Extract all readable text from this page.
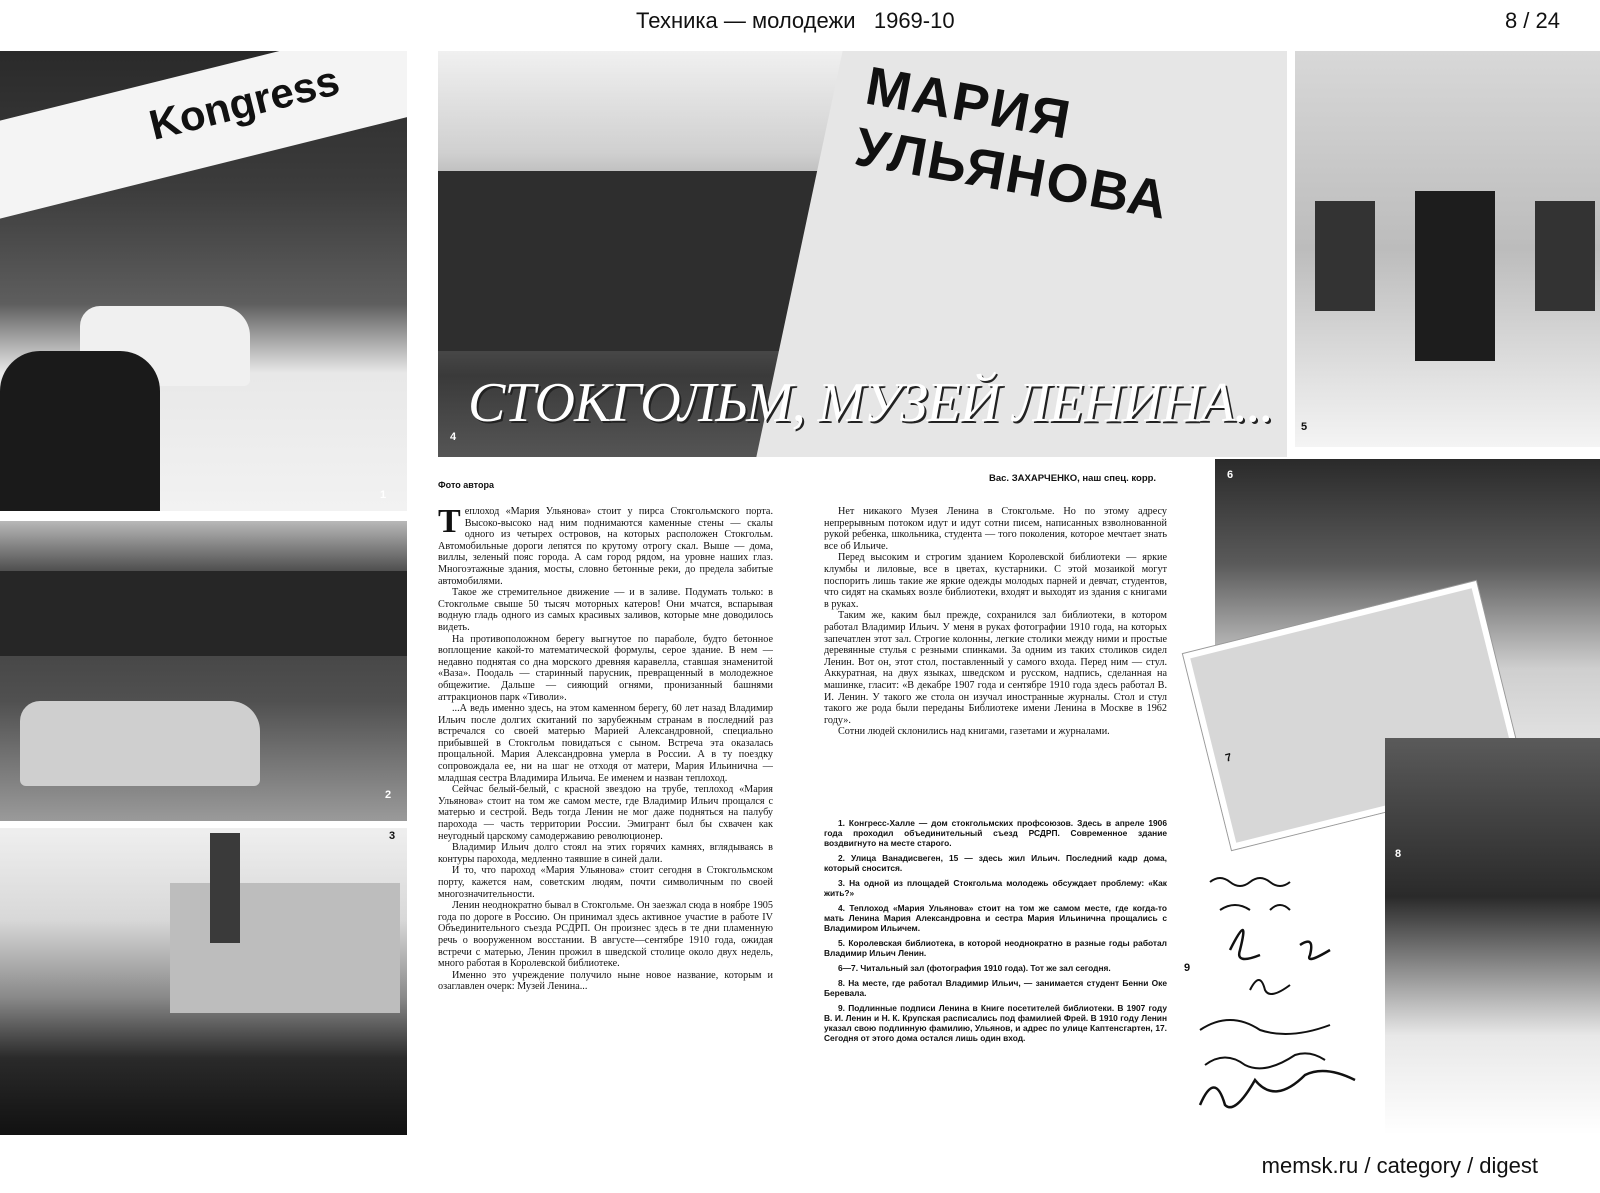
Техника — молодежи   1969-10	8 / 24
Kongress
1
2
3
МАРИЯ УЛЬЯНОВА
СТОКГОЛЬМ, МУЗЕЙ ЛЕНИНА...
4
5
6
7
8
9
Фото автора
Вас. ЗАХАРЧЕНКО, наш спец. корр.

Теплоход «Мария Ульянова» стоит у пирса Стокгольмского порта. Высоко-высоко над ним поднимаются каменные стены — скалы одного из четырех островов, на которых расположен Стокгольм. Автомобильные дороги лепятся по крутому отрогу скал. Выше — дома, виллы, зеленый пояс города. А сам город рядом, на уровне наших глаз. Многоэтажные здания, мосты, словно бетонные реки, до предела забитые автомобилями.

Такое же стремительное движение — и в заливе. Подумать только: в Стокгольме свыше 50 тысяч моторных катеров! Они мчатся, вспарывая водную гладь одного из самых красивых заливов, которые мне доводилось видеть.

На противоположном берегу выгнутое по параболе, будто бетонное воплощение какой-то математической формулы, серое здание. В нем — недавно поднятая со дна морского древняя каравелла, ставшая знаменитой «Ваза». Поодаль — старинный парусник, превращенный в молодежное общежитие. Дальше — сияющий огнями, пронизанный башнями аттракционов парк «Тиволи».

...А ведь именно здесь, на этом каменном берегу, 60 лет назад Владимир Ильич после долгих скитаний по зарубежным странам в последний раз встречался со своей матерью Марией Александровной, специально прибывшей в Стокгольм повидаться с сыном. Встреча эта оказалась прощальной. Мария Александровна умерла в России. А в ту поездку сопровождала ее, ни на шаг не отходя от матери, Мария Ильинична — младшая сестра Владимира Ильича. Ее именем и назван теплоход.

Сейчас белый-белый, с красной звездою на трубе, теплоход «Мария Ульянова» стоит на том же самом месте, где Владимир Ильич прощался с матерью и сестрой. Ведь тогда Ленин не мог даже подняться на палубу парохода — часть территории России. Эмигрант был бы схвачен как неугодный царскому самодержавию революционер.

Владимир Ильич долго стоял на этих горячих камнях, вглядываясь в контуры парохода, медленно таявшие в синей дали.

И то, что пароход «Мария Ульянова» стоит сегодня в Стокгольмском порту, кажется нам, советским людям, почти символичным по своей многозначительности.

Ленин неоднократно бывал в Стокгольме. Он заезжал сюда в ноябре 1905 года по дороге в Россию. Он принимал здесь активное участие в работе IV Объединительного съезда РСДРП. Он произнес здесь в те дни пламенную речь о вооруженном восстании. В августе—сентябре 1910 года, ожидая встречи с матерью, Ленин прожил в шведской столице около двух недель, много работая в Королевской библиотеке.

Именно это учреждение получило ныне новое название, которым и озаглавлен очерк: Музей Ленина...

Нет никакого Музея Ленина в Стокгольме. Но по этому адресу непрерывным потоком идут и идут сотни писем, написанных взволнованной рукой ребенка, школьника, студента — того поколения, которое мечтает знать все об Ильиче.

Перед высоким и строгим зданием Королевской библиотеки — яркие клумбы и лиловые, все в цветах, кустарники. С этой мозаикой могут поспорить лишь такие же яркие одежды молодых парней и девчат, студентов, что сидят на скамьях возле библиотеки, входят и выходят из здания с книгами в руках.

Таким же, каким был прежде, сохранился зал библиотеки, в котором работал Владимир Ильич. У меня в руках фотографии 1910 года, на которых запечатлен этот зал. Строгие колонны, легкие столики между ними и простые деревянные стулья с резными спинками. За одним из таких столиков сидел Ленин. Вот он, этот стол, поставленный у самого входа. Перед ним — стул. Аккуратная, на двух языках, шведском и русском, надпись, сделанная на машинке, гласит: «В декабре 1907 года и сентябре 1910 года здесь работал В. И. Ленин. У такого же стола он изучал иностранные журналы. Стол и стул такого же рода были переданы Библиотеке имени Ленина в Москве в 1962 году».

Сотни людей склонились над книгами, газетами и журналами.

1. Конгресс-Халле — дом стокгольмских профсоюзов. Здесь в апреле 1906 года проходил объединительный съезд РСДРП. Современное здание воздвигнуто на месте старого.

2. Улица Ванадисвеген, 15 — здесь жил Ильич. Последний кадр дома, который сносится.

3. На одной из площадей Стокгольма молодежь обсуждает проблему: «Как жить?»

4. Теплоход «Мария Ульянова» стоит на том же самом месте, где когда-то мать Ленина Мария Александровна и сестра Мария Ильинична прощались с Владимиром Ильичем.

5. Королевская библиотека, в которой неоднократно в разные годы работал Владимир Ильич Ленин.

6—7. Читальный зал (фотография 1910 года). Тот же зал сегодня.

8. На месте, где работал Владимир Ильич, — занимается студент Бенни Оке Беревала.

9. Подлинные подписи Ленина в Книге посетителей библиотеки. В 1907 году В. И. Ленин и Н. К. Крупская расписались под фамилией Фрей. В 1910 году Ленин указал свою подлинную фамилию, Ульянов, и адрес по улице Каптенсгартен, 17. Сегодня от этого дома остался лишь один вход.

memsk.ru / category / digest
